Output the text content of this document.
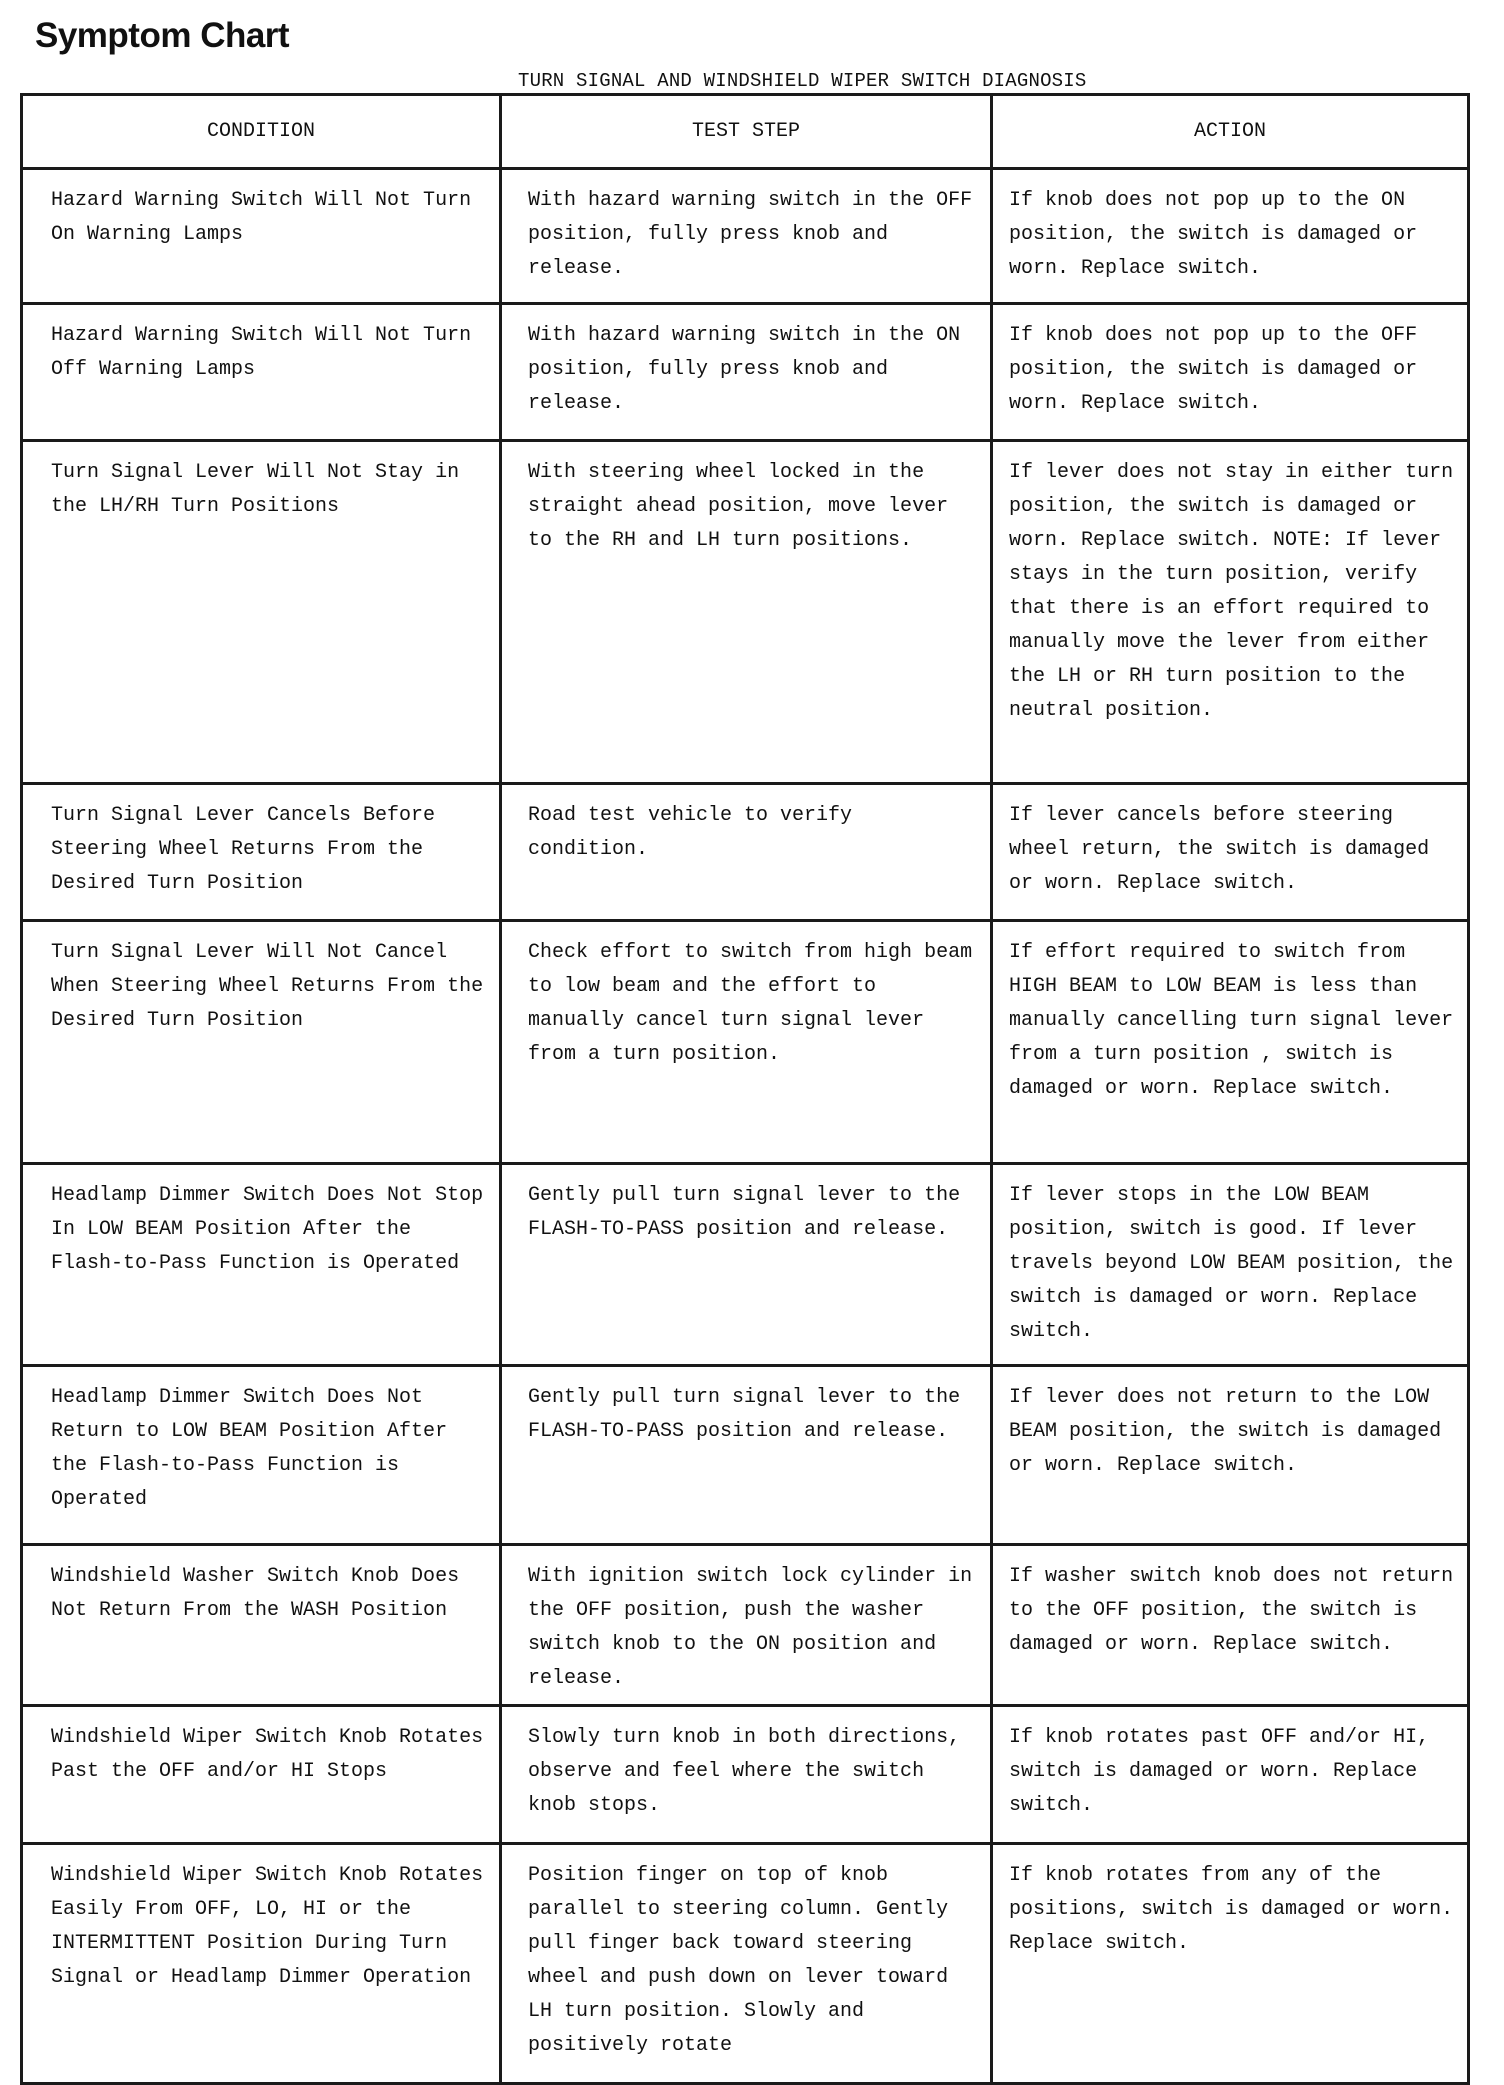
Symptom Chart
TURN SIGNAL AND WINDSHIELD WIPER SWITCH DIAGNOSIS
CONDITION	TEST STEP	ACTION
Hazard Warning Switch Will Not Turn On Warning Lamps	With hazard warning switch in the OFF position, fully press knob and release.	If knob does not pop up to the ON position, the switch is damaged or worn. Replace switch.
Hazard Warning Switch Will Not Turn Off Warning Lamps	With hazard warning switch in the ON position, fully press knob and release.	If knob does not pop up to the OFF position, the switch is damaged or worn. Replace switch.
Turn Signal Lever Will Not Stay in the LH/RH Turn Positions	With steering wheel locked in the straight ahead position, move lever to the RH and LH turn positions.	If lever does not stay in either turn position, the switch is damaged or worn. Replace switch. NOTE: If lever stays in the turn position, verify that there is an effort required to manually move the lever from either the LH or RH turn position to the neutral position.
Turn Signal Lever Cancels Before Steering Wheel Returns From the Desired Turn Position	Road test vehicle to verify condition.	If lever cancels before steering wheel return, the switch is damaged or worn. Replace switch.
Turn Signal Lever Will Not Cancel When Steering Wheel Returns From the Desired Turn Position	Check effort to switch from high beam to low beam and the effort to manually cancel turn signal lever from a turn position.	If effort required to switch from HIGH BEAM to LOW BEAM is less than manually cancelling turn signal lever from a turn position , switch is damaged or worn. Replace switch.
Headlamp Dimmer Switch Does Not Stop In LOW BEAM Position After the Flash-to-Pass Function is Operated	Gently pull turn signal lever to the FLASH-TO-PASS position and release.	If lever stops in the LOW BEAM position, switch is good. If lever travels beyond LOW BEAM position, the switch is damaged or worn. Replace switch.
Headlamp Dimmer Switch Does Not Return to LOW BEAM Position After the Flash-to-Pass Function is Operated	Gently pull turn signal lever to the FLASH-TO-PASS position and release.	If lever does not return to the LOW BEAM position, the switch is damaged or worn. Replace switch.
Windshield Washer Switch Knob Does Not Return From the WASH Position	With ignition switch lock cylinder in the OFF position, push the washer switch knob to the ON position and release.	If washer switch knob does not return to the OFF position, the switch is damaged or worn. Replace switch.
Windshield Wiper Switch Knob Rotates Past the OFF and/or HI Stops	Slowly turn knob in both directions, observe and feel where the switch knob stops.	If knob rotates past OFF and/or HI, switch is damaged or worn. Replace switch.
Windshield Wiper Switch Knob Rotates Easily From OFF, LO, HI or the INTERMITTENT Position During Turn Signal or Headlamp Dimmer Operation	Position finger on top of knob parallel to steering column. Gently pull finger back toward steering wheel and push down on lever toward LH turn position. Slowly and positively rotate	If knob rotates from any of the positions, switch is damaged or worn. Replace switch.
